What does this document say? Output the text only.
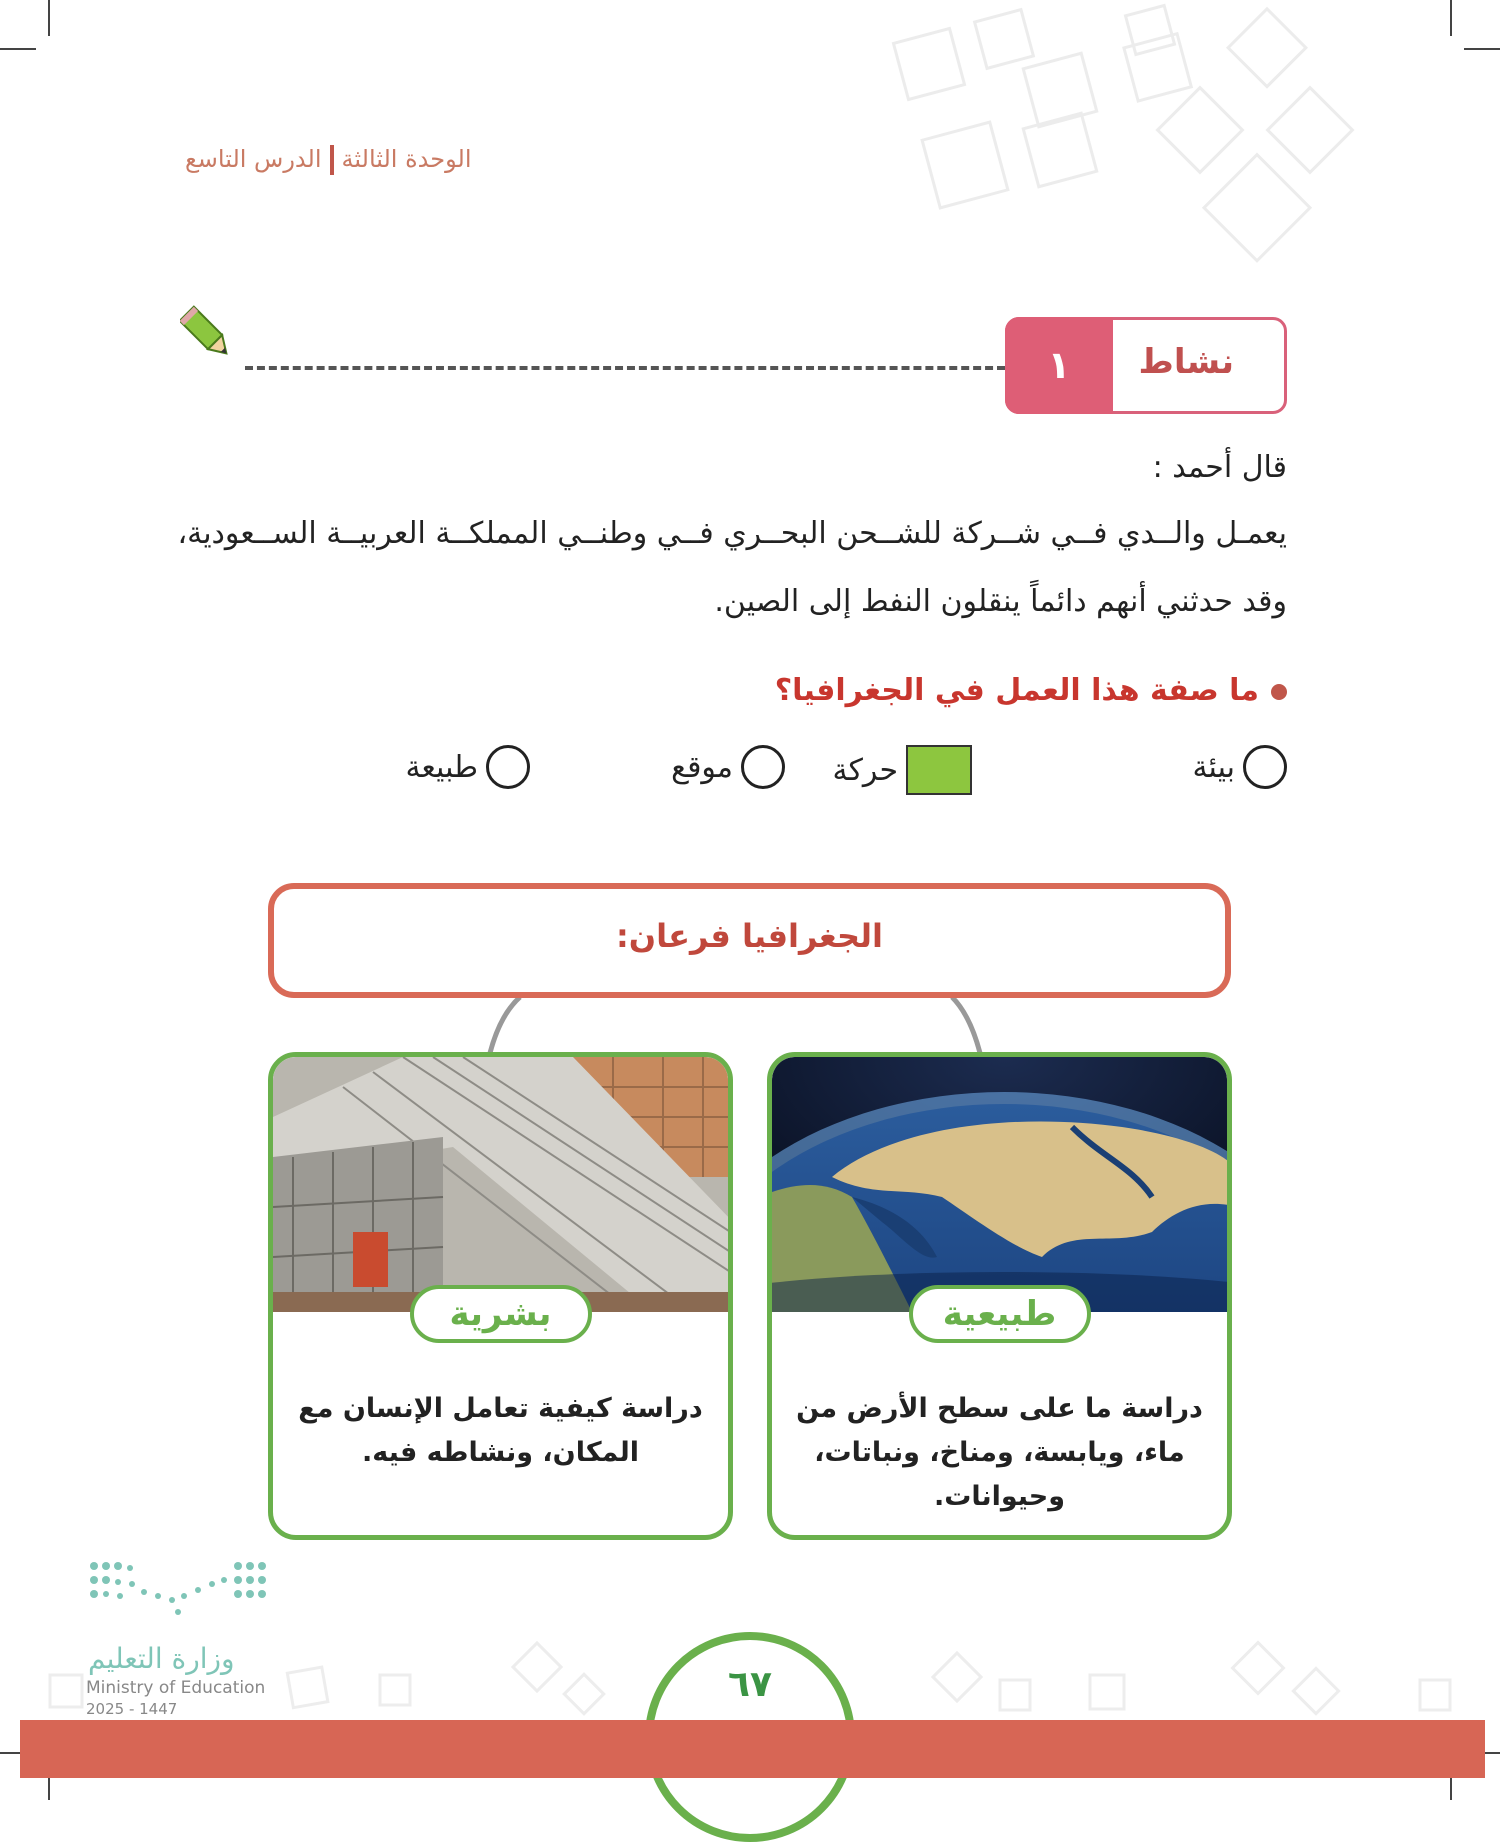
الوحدة الثالثةالدرس التاسع
١	نشاط
قال أحمد :
يعمـل والــدي فــي شــركة للشــحن البحــري فــي وطنــي المملكــة العربيــة الســعودية،
وقد حدثني أنهم دائماً ينقلون النفط إلى الصين.
ما صفة هذا العمل في الجغرافيا؟
بيئة
حركة
موقع
طبيعة
الجغرافيا فرعان:
طبيعية
دراسة ما على سطح الأرض من ماء، ويابسة، ومناخ، ونباتات، وحيوانات.
بشرية
دراسة كيفية تعامل الإنسان مع المكان، ونشاطه فيه.
وزارة التعليم
Ministry of Education
2025 - 1447
٦٧
